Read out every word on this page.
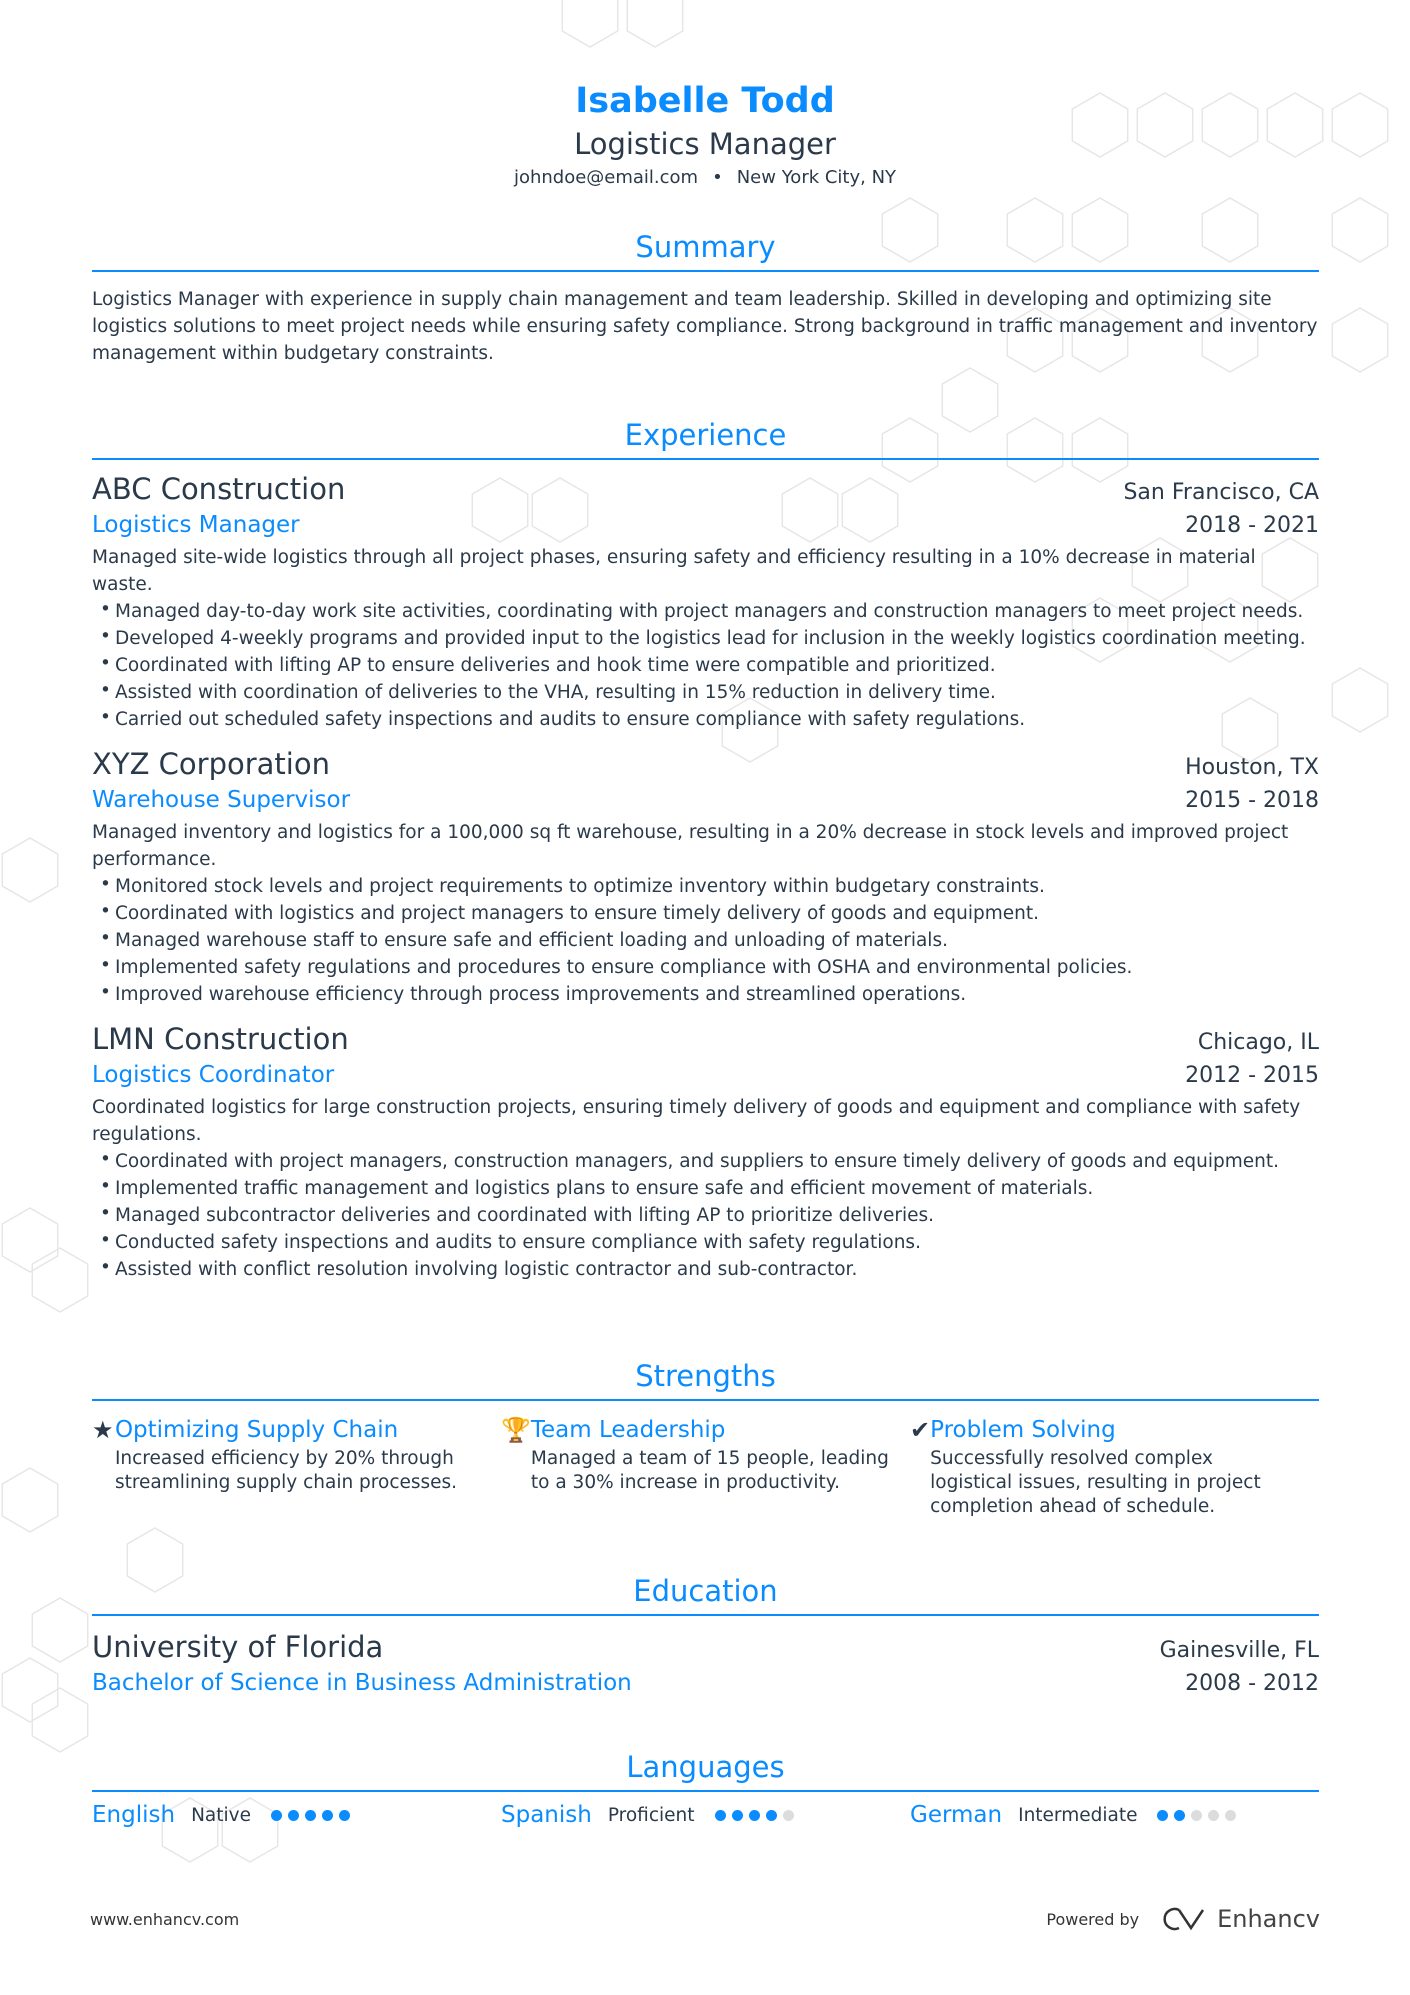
Isabelle Todd
Logistics Manager
johndoe@email.com • New York City, NY
Summary
Logistics Manager with experience in supply chain management and team leadership. Skilled in developing and optimizing site logistics solutions to meet project needs while ensuring safety compliance. Strong background in traffic management and inventory management within budgetary constraints.
Experience
ABC Construction	San Francisco, CA
Logistics Manager	2018 - 2021
Managed site-wide logistics through all project phases, ensuring safety and efficiency resulting in a 10% decrease in material waste.
• Managed day-to-day work site activities, coordinating with project managers and construction managers to meet project needs.
• Developed 4-weekly programs and provided input to the logistics lead for inclusion in the weekly logistics coordination meeting.
• Coordinated with lifting AP to ensure deliveries and hook time were compatible and prioritized.
• Assisted with coordination of deliveries to the VHA, resulting in 15% reduction in delivery time.
• Carried out scheduled safety inspections and audits to ensure compliance with safety regulations.
XYZ Corporation	Houston, TX
Warehouse Supervisor	2015 - 2018
Managed inventory and logistics for a 100,000 sq ft warehouse, resulting in a 20% decrease in stock levels and improved project performance.
• Monitored stock levels and project requirements to optimize inventory within budgetary constraints.
• Coordinated with logistics and project managers to ensure timely delivery of goods and equipment.
• Managed warehouse staff to ensure safe and efficient loading and unloading of materials.
• Implemented safety regulations and procedures to ensure compliance with OSHA and environmental policies.
• Improved warehouse efficiency through process improvements and streamlined operations.
LMN Construction	Chicago, IL
Logistics Coordinator	2012 - 2015
Coordinated logistics for large construction projects, ensuring timely delivery of goods and equipment and compliance with safety regulations.
• Coordinated with project managers, construction managers, and suppliers to ensure timely delivery of goods and equipment.
• Implemented traffic management and logistics plans to ensure safe and efficient movement of materials.
• Managed subcontractor deliveries and coordinated with lifting AP to prioritize deliveries.
• Conducted safety inspections and audits to ensure compliance with safety regulations.
• Assisted with conflict resolution involving logistic contractor and sub-contractor.
Strengths
★ Optimizing Supply Chain
Increased efficiency by 20% through streamlining supply chain processes.
🏆 Team Leadership
Managed a team of 15 people, leading to a 30% increase in productivity.
✔ Problem Solving
Successfully resolved complex logistical issues, resulting in project completion ahead of schedule.
Education
University of Florida	Gainesville, FL
Bachelor of Science in Business Administration	2008 - 2012
Languages
English Native	Spanish Proficient	German Intermediate
www.enhancv.com	Powered by	Enhancv
